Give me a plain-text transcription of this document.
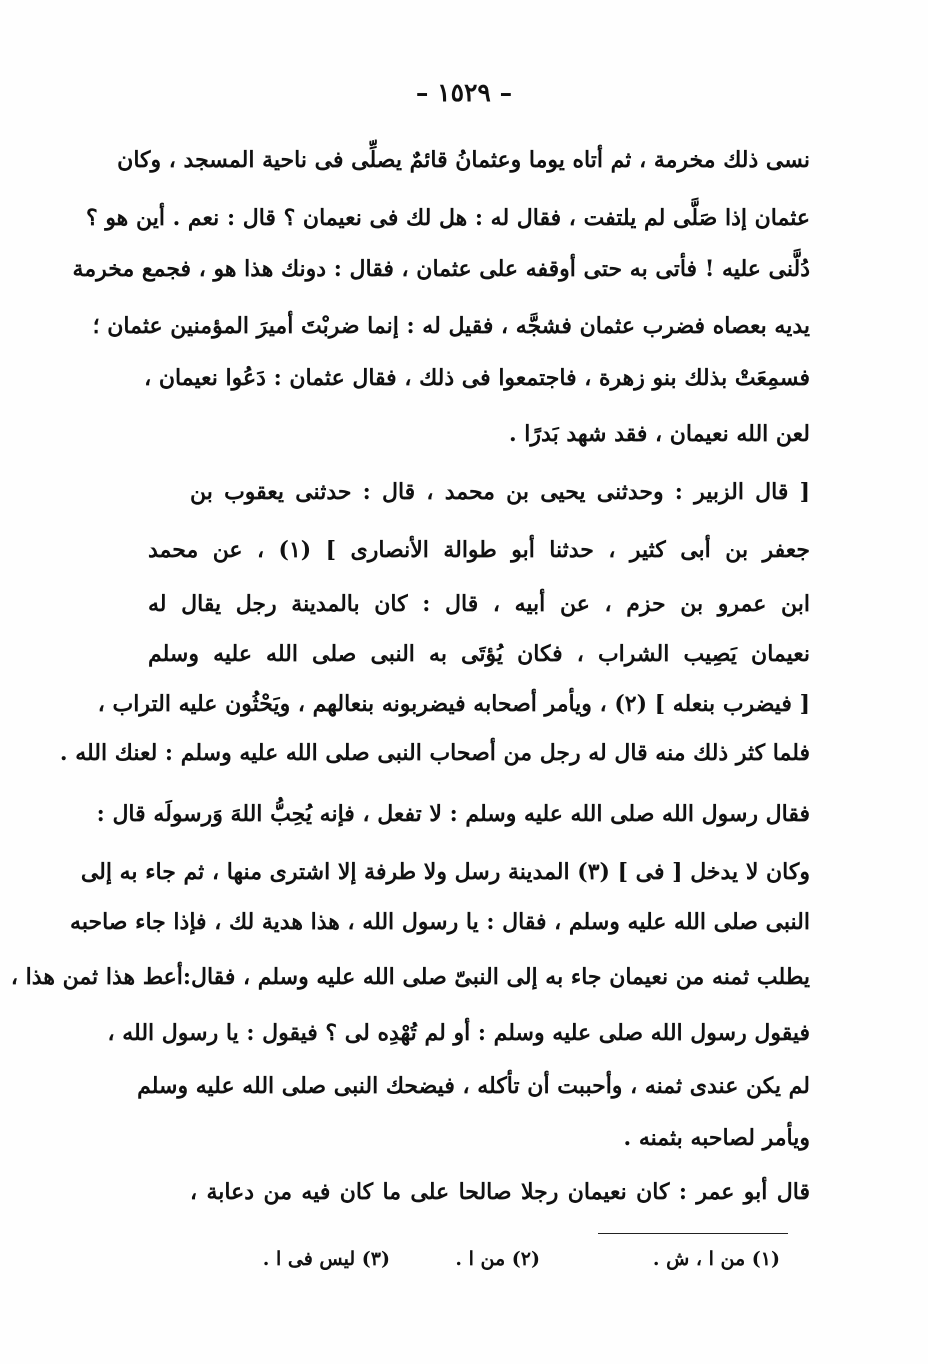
– ١٥٢٩ –
نسى ذلك مخرمة ، ثم أتاه يوما وعثمانُ قائمٌ يصلِّى فى ناحية المسجد ، وكان
عثمان إذا صَلَّى لم يلتفت ، فقال له : هل لك فى نعيمان ؟ قال : نعم . أين هو ؟
دُلَّنى عليه ! فأتى به حتى أوقفه على عثمان ، فقال : دونك هذا هو ، فجمع مخرمة
يديه بعصاه فضرب عثمان فشجَّه ، فقيل له : إنما ضربْتَ أميرَ المؤمنين عثمان ؛
فسمِعَتْ بذلك بنو زهرة ، فاجتمعوا فى ذلك ، فقال عثمان : دَعُوا نعيمان ،
لعن الله نعيمان ، فقد شهد بَدرًا .
[ قال الزبير : وحدثنى يحيى بن محمد ، قال : حدثنى يعقوب بن
جعفر بن أبى كثير ، حدثنا أبو طوالة الأنصارى ] (١) ، عن محمد
ابن عمرو بن حزم ، عن أبيه ، قال : كان بالمدينة رجل يقال له
نعيمان يَصِيب الشراب ، فكان يُؤتَى به النبى صلى الله عليه وسلم
[ فيضرب بنعله ] (٢) ، ويأمر أصحابه فيضربونه بنعالهم ، ويَحْثُون عليه التراب ،
فلما كثر ذلك منه قال له رجل من أصحاب النبى صلى الله عليه وسلم : لعنك الله .
فقال رسول الله صلى الله عليه وسلم : لا تفعل ، فإنه يُحِبُّ اللهَ وَرسولَه قال :
وكان لا يدخل [ فى ] (٣) المدينة رسل ولا طرفة إلا اشترى منها ، ثم جاء به إلى
النبى صلى الله عليه وسلم ، فقال : يا رسول الله ، هذا هدية لك ، فإذا جاء صاحبه
يطلب ثمنه من نعيمان جاء به إلى النبىّ صلى الله عليه وسلم ، فقال:أعط هذا ثمن هذا ،
فيقول رسول الله صلى عليه وسلم : أو لم تُهْدِه لى ؟ فيقول : يا رسول الله ،
لم يكن عندى ثمنه ، وأحببت أن تأكله ، فيضحك النبى صلى الله عليه وسلم
ويأمر لصاحبه بثمنه .
قال أبو عمر : كان نعيمان رجلا صالحا على ما كان فيه من دعابة ،
(١) من ا ، ش .
(٢) من ا .
(٣) ليس فى ا .
